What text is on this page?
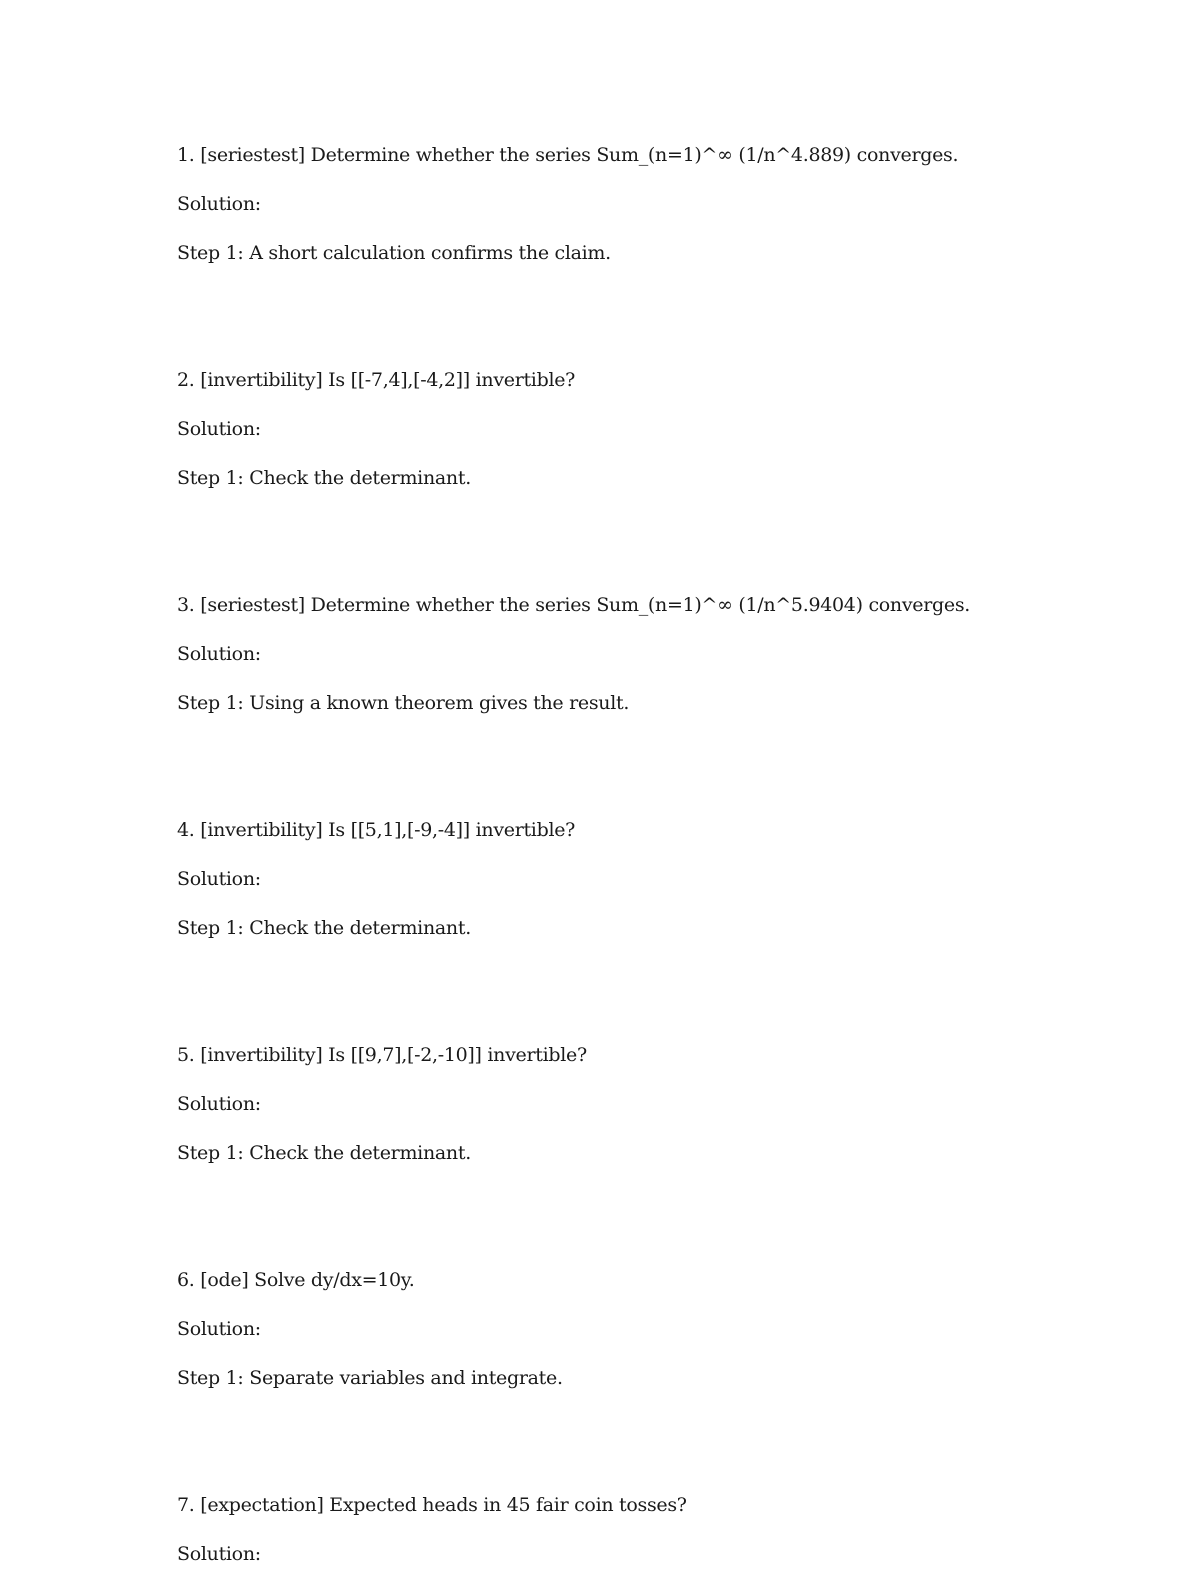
1. [seriestest] Determine whether the series Sum_(n=1)^∞ (1/n^4.889) converges.
Solution:
Step 1: A short calculation confirms the claim.
2. [invertibility] Is [[-7,4],[-4,2]] invertible?
Solution:
Step 1: Check the determinant.
3. [seriestest] Determine whether the series Sum_(n=1)^∞ (1/n^5.9404) converges.
Solution:
Step 1: Using a known theorem gives the result.
4. [invertibility] Is [[5,1],[-9,-4]] invertible?
Solution:
Step 1: Check the determinant.
5. [invertibility] Is [[9,7],[-2,-10]] invertible?
Solution:
Step 1: Check the determinant.
6. [ode] Solve dy/dx=10y.
Solution:
Step 1: Separate variables and integrate.
7. [expectation] Expected heads in 45 fair coin tosses?
Solution:
